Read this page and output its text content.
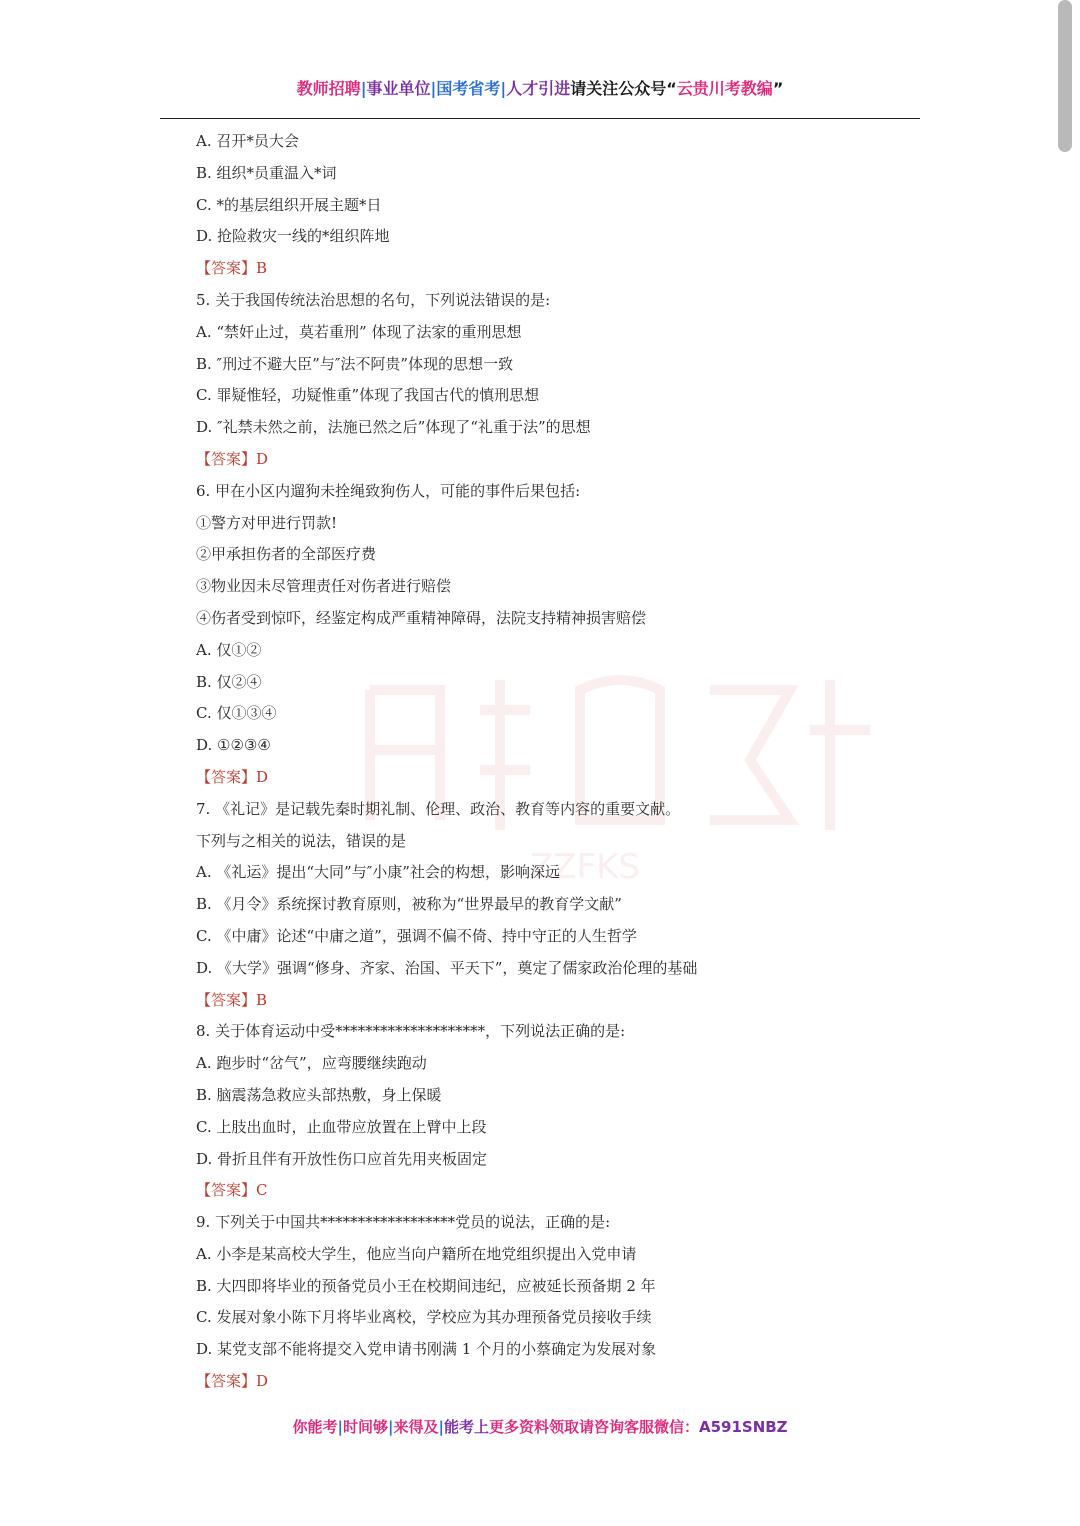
教师招聘|事业单位|国考省考|人才引进请关注公众号“云贵川考教编”
ZZFKS
A. 召开*员大会
B. 组织*员重温入*词
C. *的基层组织开展主题*日
D. 抢险救灾一线的*组织阵地
【答案】B
5. 关于我国传统法治思想的名句，下列说法错误的是:
A. “禁奸止过，莫若重刑” 体现了法家的重刑思想
B. ″刑过不避大臣”与″法不阿贵”体现的思想一致
C. 罪疑惟轻，功疑惟重”体现了我国古代的慎刑思想
D. ″礼禁未然之前，法施已然之后”体现了“礼重于法”的思想
【答案】D
6. 甲在小区内遛狗未拴绳致狗伤人，可能的事件后果包括:
①警方对甲进行罚款!
②甲承担伤者的全部医疗费
③物业因未尽管理责任对伤者进行赔偿
④伤者受到惊吓，经鉴定构成严重精神障碍，法院支持精神损害赔偿
A. 仅①②
B. 仅②④
C. 仅①③④
D. ①②③④
【答案】D
7. 《礼记》是记载先秦时期礼制、伦理、政治、教育等内容的重要文献。
下列与之相关的说法，错误的是
A. 《礼运》提出“大同”与″小康”社会的构想，影响深远
B. 《月令》系统探讨教育原则，被称为“世界最早的教育学文献”
C. 《中庸》论述“中庸之道”，强调不偏不倚、持中守正的人生哲学
D. 《大学》强调“修身、齐家、治国、平天下”，奠定了儒家政治伦理的基础
【答案】B
8. 关于体育运动中受********************，下列说法正确的是:
A. 跑步时“岔气”，应弯腰继续跑动
B. 脑震荡急救应头部热敷，身上保暖
C. 上肢出血时，止血带应放置在上臂中上段
D. 骨折且伴有开放性伤口应首先用夹板固定
【答案】C
9. 下列关于中国共******************党员的说法，正确的是:
A. 小李是某高校大学生，他应当向户籍所在地党组织提出入党申请
B. 大四即将毕业的预备党员小王在校期间违纪，应被延长预备期 2 年
C. 发展对象小陈下月将毕业离校，学校应为其办理预备党员接收手续
D. 某党支部不能将提交入党申请书刚满 1 个月的小蔡确定为发展对象
【答案】D
你能考|时间够|来得及|能考上更多资料领取请咨询客服微信：A591SNBZ
